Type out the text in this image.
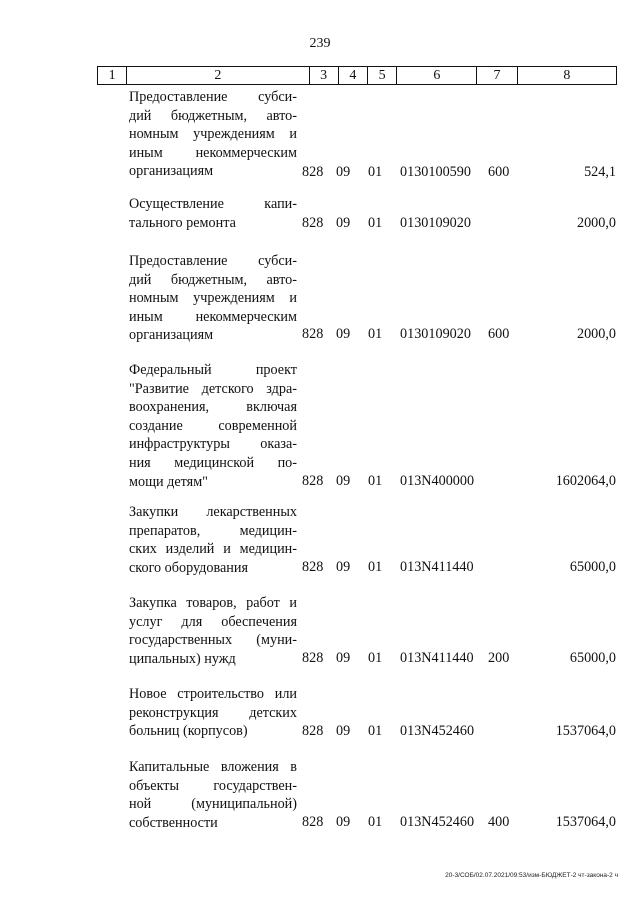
239
1	2	3	4	5	6	7	8
Предоставление субси-
дий бюджетным, авто-
номным учреждениям и
иным некоммерческим
организациям	828 09 01 0130100590 600	524,1
Осуществление капи-
тального ремонта	828 09 01 0130109020	2000,0
Предоставление субси-
дий бюджетным, авто-
номным учреждениям и
иным некоммерческим
организациям	828 09 01 0130109020 600	2000,0
Федеральный проект
"Развитие детского здра-
воохранения, включая
создание современной
инфраструктуры оказа-
ния медицинской по-
мощи детям"	828 09 01 013N400000	1602064,0
Закупки лекарственных
препаратов, медицин-
ских изделий и медицин-
ского оборудования	828 09 01 013N411440	65000,0
Закупка товаров, работ и
услуг для обеспечения
государственных (муни-
ципальных) нужд	828 09 01 013N411440 200	65000,0
Новое строительство или
реконструкция детских
больниц (корпусов)	828 09 01 013N452460	1537064,0
Капитальные вложения в
объекты государствен-
ной (муниципальной)
собственности	828 09 01 013N452460 400	1537064,0
20-3/СОБ/02.07.2021/09:53/изм-БЮДЖЕТ-2 чт-закона-2 ч
